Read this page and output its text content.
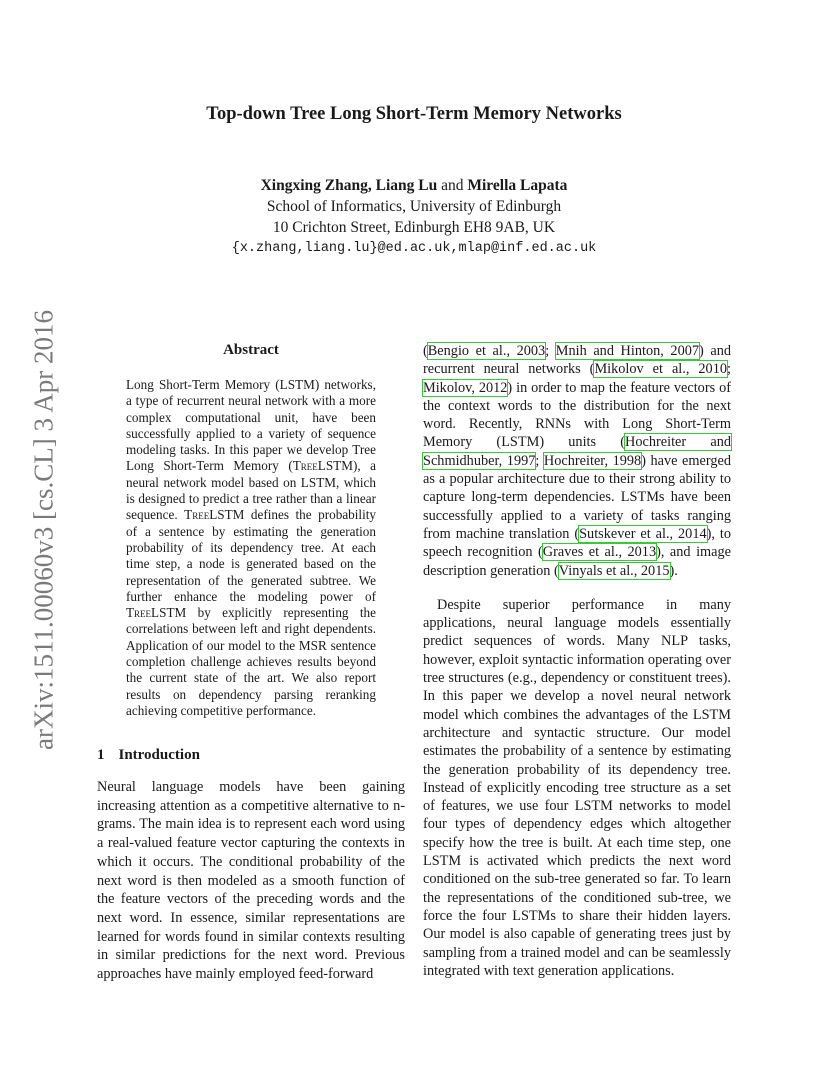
Top-down Tree Long Short-Term Memory Networks
Xingxing Zhang, Liang Lu and Mirella Lapata
School of Informatics, University of Edinburgh
10 Crichton Street, Edinburgh EH8 9AB, UK
{x.zhang,liang.lu}@ed.ac.uk,mlap@inf.ed.ac.uk
arXiv:1511.00060v3 [cs.CL] 3 Apr 2016	Abstract
Long Short-Term Memory (LSTM) networks, a type of recurrent neural network with a more complex computational unit, have been successfully applied to a variety of sequence modeling tasks. In this paper we develop Tree Long Short-Term Memory (TreeLSTM), a neural network model based on LSTM, which is designed to predict a tree rather than a linear sequence. TreeLSTM defines the probability of a sentence by estimating the generation probability of its dependency tree. At each time step, a node is generated based on the representation of the generated subtree. We further enhance the modeling power of TreeLSTM by explicitly representing the correlations between left and right dependents. Application of our model to the MSR sentence completion challenge achieves results beyond the current state of the art. We also report results on dependency parsing reranking achieving competitive performance.
1 Introduction

Neural language models have been gaining increasing attention as a competitive alternative to n-grams. The main idea is to represent each word using a real-valued feature vector capturing the contexts in which it occurs. The conditional probability of the next word is then modeled as a smooth function of the feature vectors of the preceding words and the next word. In essence, similar representations are learned for words found in similar contexts resulting in similar predictions for the next word. Previous approaches have mainly employed feed-forward

(Bengio et al., 2003; Mnih and Hinton, 2007) and recurrent neural networks (Mikolov et al., 2010; Mikolov, 2012) in order to map the feature vectors of the context words to the distribution for the next word. Recently, RNNs with Long Short-Term Memory (LSTM) units (Hochreiter and Schmidhuber, 1997; Hochreiter, 1998) have emerged as a popular architecture due to their strong ability to capture long-term dependencies. LSTMs have been successfully applied to a variety of tasks ranging from machine translation (Sutskever et al., 2014), to speech recognition (Graves et al., 2013), and image description generation (Vinyals et al., 2015).

Despite superior performance in many applications, neural language models essentially predict sequences of words. Many NLP tasks, however, exploit syntactic information operating over tree structures (e.g., dependency or constituent trees). In this paper we develop a novel neural network model which combines the advantages of the LSTM architecture and syntactic structure. Our model estimates the probability of a sentence by estimating the generation probability of its dependency tree. Instead of explicitly encoding tree structure as a set of features, we use four LSTM networks to model four types of dependency edges which altogether specify how the tree is built. At each time step, one LSTM is activated which predicts the next word conditioned on the sub-tree generated so far. To learn the representations of the conditioned sub-tree, we force the four LSTMs to share their hidden layers. Our model is also capable of generating trees just by sampling from a trained model and can be seamlessly integrated with text generation applications.
